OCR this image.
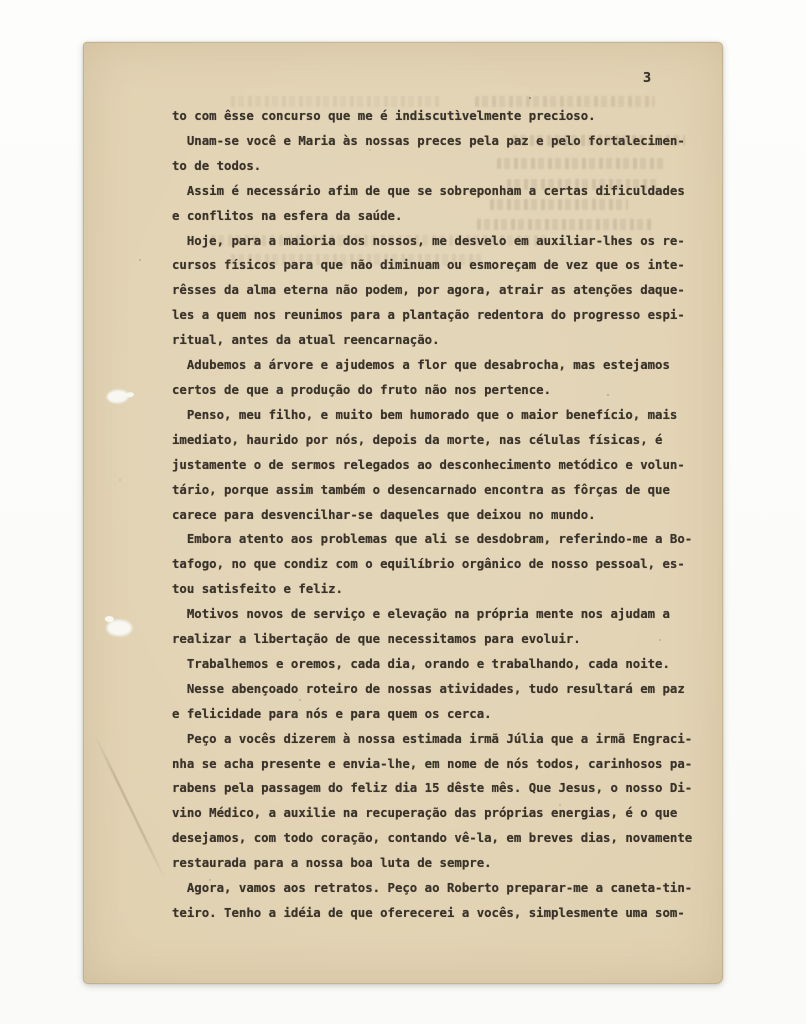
3
to com êsse concurso que me é indiscutìvelmente precioso.
Unam-se você e Maria às nossas preces pela paz e pelo fortalecimen-
to de todos.
Assim é necessário afim de que se sobreponham a certas dificuldades
e conflitos na esfera da saúde.
Hoje, para a maioria dos nossos, me desvelo em auxiliar-lhes os re-
cursos físicos para que não diminuam ou esmoreçam de vez que os inte-
rêsses da alma eterna não podem, por agora, atrair as atenções daque-
les a quem nos reunimos para a plantação redentora do progresso espi-
ritual, antes da atual reencarnação.
Adubemos a árvore e ajudemos a flor que desabrocha, mas estejamos
certos de que a produção do fruto não nos pertence.
Penso, meu filho, e muito bem humorado que o maior benefício, mais
imediato, haurido por nós, depois da morte, nas células físicas, é
justamente o de sermos relegados ao desconhecimento metódico e volun-
tário, porque assim também o desencarnado encontra as fôrças de que
carece para desvencilhar-se daqueles que deixou no mundo.
Embora atento aos problemas que ali se desdobram, referindo-me a Bo-
tafogo, no que condiz com o equilíbrio orgânico de nosso pessoal, es-
tou satisfeito e feliz.
Motivos novos de serviço e elevação na própria mente nos ajudam a
realizar a libertação de que necessitamos para evoluir.
Trabalhemos e oremos, cada dia, orando e trabalhando, cada noite.
Nesse abençoado roteiro de nossas atividades, tudo resultará em paz
e felicidade para nós e para quem os cerca.
Peço a vocês dizerem à nossa estimada irmã Júlia que a irmã Engraci-
nha se acha presente e envia-lhe, em nome de nós todos, carinhosos pa-
rabens pela passagem do feliz dia 15 dêste mês. Que Jesus, o nosso Di-
vino Médico, a auxilie na recuperação das próprias energias, é o que
desejamos, com todo coração, contando vê-la, em breves dias, novamente
restaurada para a nossa boa luta de sempre.
Agora, vamos aos retratos. Peço ao Roberto preparar-me a caneta-tin-
teiro. Tenho a idéia de que oferecerei a vocês, simplesmente uma som-
